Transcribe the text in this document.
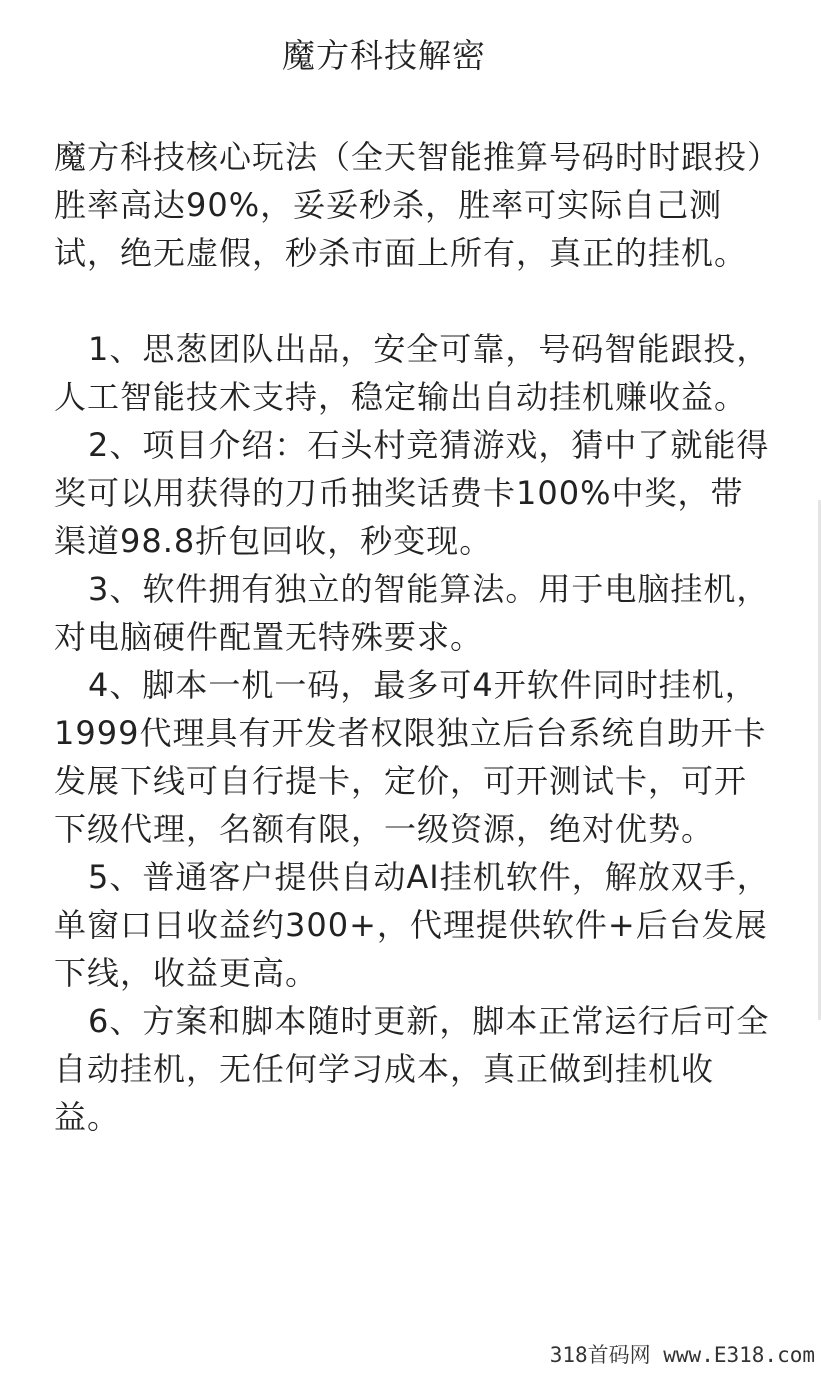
魔方科技解密

魔方科技核心玩法（全天智能推算号码时时跟投）胜率高达90%，妥妥秒杀，胜率可实际自己测试，绝无虚假，秒杀市面上所有，真正的挂机。

1、思葱团队出品，安全可靠，号码智能跟投，人工智能技术支持，稳定输出自动挂机赚收益。

2、项目介绍：石头村竞猜游戏，猜中了就能得奖可以用获得的刀币抽奖话费卡100%中奖，带渠道98.8折包回收，秒变现。

3、软件拥有独立的智能算法。用于电脑挂机，对电脑硬件配置无特殊要求。

4、脚本一机一码，最多可4开软件同时挂机，1999代理具有开发者权限独立后台系统自助开卡发展下线可自行提卡，定价，可开测试卡，可开下级代理，名额有限，一级资源，绝对优势。

5、普通客户提供自动AI挂机软件，解放双手，单窗口日收益约300+，代理提供软件+后台发展下线，收益更高。

6、方案和脚本随时更新，脚本正常运行后可全自动挂机，无任何学习成本，真正做到挂机收益。

318首码网 www.E318.com
